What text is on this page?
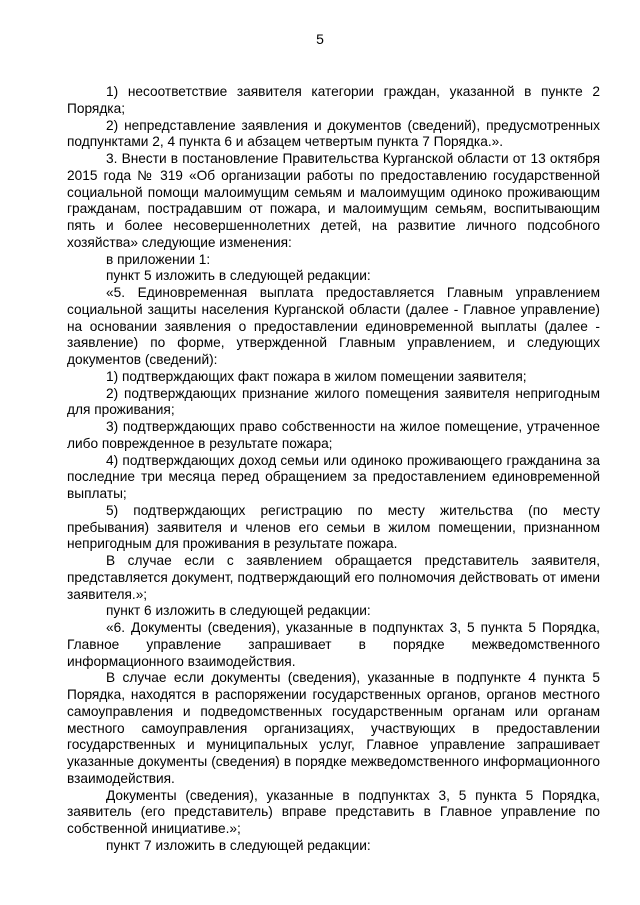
5

1) несоответствие заявителя категории граждан, указанной в пункте 2 Порядка;

2) непредставление заявления и документов (сведений), предусмотренных подпунктами 2, 4 пункта 6 и абзацем четвертым пункта 7 Порядка.».

3. Внести в постановление Правительства Курганской области от 13 октября 2015 года № 319 «Об организации работы по предоставлению государственной социальной помощи малоимущим семьям и малоимущим одиноко проживающим гражданам, пострадавшим от пожара, и малоимущим семьям, воспитывающим пять и более несовершеннолетних детей, на развитие личного подсобного хозяйства» следующие изменения:

в приложении 1:

пункт 5 изложить в следующей редакции:

«5. Единовременная выплата предоставляется Главным управлением социальной защиты населения Курганской области (далее - Главное управление) на основании заявления о предоставлении единовременной выплаты (далее - заявление) по форме, утвержденной Главным управлением, и следующих документов (сведений):

1) подтверждающих факт пожара в жилом помещении заявителя;

2) подтверждающих признание жилого помещения заявителя непригодным для проживания;

3) подтверждающих право собственности на жилое помещение, утраченное либо поврежденное в результате пожара;

4) подтверждающих доход семьи или одиноко проживающего гражданина за последние три месяца перед обращением за предоставлением единовременной выплаты;

5) подтверждающих регистрацию по месту жительства (по месту пребывания) заявителя и членов его семьи в жилом помещении, признанном непригодным для проживания в результате пожара.

В случае если с заявлением обращается представитель заявителя, представляется документ, подтверждающий его полномочия действовать от имени заявителя.»;

пункт 6 изложить в следующей редакции:

«6. Документы (сведения), указанные в подпунктах 3, 5 пункта 5 Порядка, Главное управление запрашивает в порядке межведомственного информационного взаимодействия.

В случае если документы (сведения), указанные в подпункте 4 пункта 5 Порядка, находятся в распоряжении государственных органов, органов местного самоуправления и подведомственных государственным органам или органам местного самоуправления организациях, участвующих в предоставлении государственных и муниципальных услуг, Главное управление запрашивает указанные документы (сведения) в порядке межведомственного информационного взаимодействия.

Документы (сведения), указанные в подпунктах 3, 5 пункта 5 Порядка, заявитель (его представитель) вправе представить в Главное управление по собственной инициативе.»;

пункт 7 изложить в следующей редакции:
